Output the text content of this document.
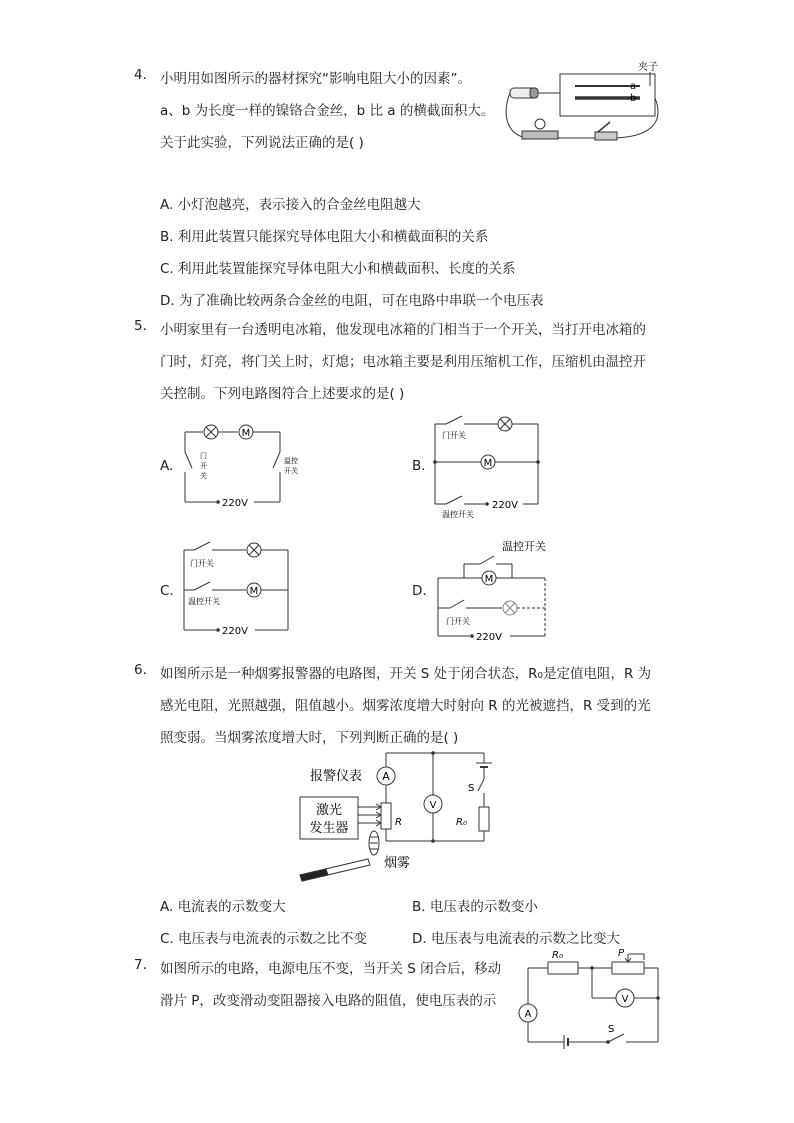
4. 小明用如图所示的器材探究“影响电阻大小的因素”。
a、b 为长度一样的镍铬合金丝，b 比 a 的横截面积大。
关于此实验，下列说法正确的是( )
a
b
夹子
A. 小灯泡越亮，表示接入的合金丝电阻越大
B. 利用此装置只能探究导体电阻大小和横截面积的关系
C. 利用此装置能探究导体电阻大小和横截面积、长度的关系
D. 为了准确比较两条合金丝的电阻，可在电路中串联一个电压表
5. 小明家里有一台透明电冰箱，他发现电冰箱的门相当于一个开关，当打开电冰箱的
门时，灯亮，将门关上时，灯熄；电冰箱主要是利用压缩机工作，压缩机由温控开
关控制。下列电路图符合上述要求的是( )
A.
M
220V
门
开
关
温控
开关	B.
门开关
M
220V
温控开关
C.
门开关
M
温控开关
220V
D.
温控开关
M
门开关
220V
6. 如图所示是一种烟雾报警器的电路图，开关 S 处于闭合状态，R₀是定值电阻，R 为
感光电阻，光照越强，阻值越小。烟雾浓度增大时射向 R 的光被遮挡，R 受到的光
照变弱。当烟雾浓度增大时，下列判断正确的是( )
A
报警仪表
R
V
S
R₀
激光
发生器
烟雾
A. 电流表的示数变大	B. 电压表的示数变小
C. 电压表与电流表的示数之比不变	D. 电压表与电流表的示数之比变大
7. 如图所示的电路，电源电压不变，当开关 S 闭合后，移动
滑片 P，改变滑动变阻器接入电路的阻值，使电压表的示
R₀	P
V
A
S
